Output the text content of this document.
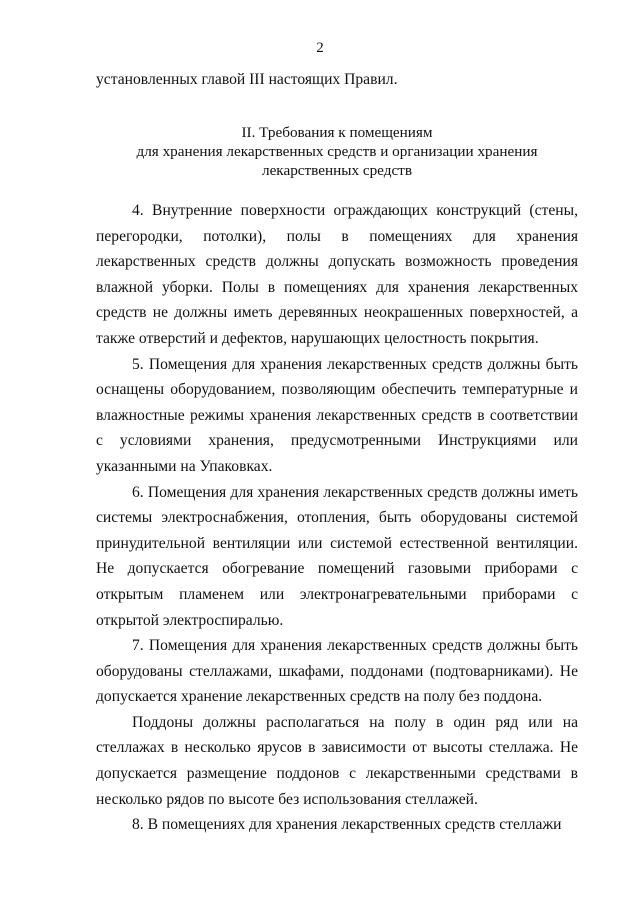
2
установленных главой III настоящих Правил.
II. Требования к помещениям
для хранения лекарственных средств и организации хранения
лекарственных средств

4. Внутренние поверхности ограждающих конструкций (стены, перегородки, потолки), полы в помещениях для хранения лекарственных средств должны допускать возможность проведения влажной уборки. Полы в помещениях для хранения лекарственных средств не должны иметь деревянных неокрашенных поверхностей, а также отверстий и дефектов, нарушающих целостность покрытия.

5. Помещения для хранения лекарственных средств должны быть оснащены оборудованием, позволяющим обеспечить температурные и влажностные режимы хранения лекарственных средств в соответствии с условиями хранения, предусмотренными Инструкциями или указанными на Упаковках.

6. Помещения для хранения лекарственных средств должны иметь системы электроснабжения, отопления, быть оборудованы системой принудительной вентиляции или системой естественной вентиляции. Не допускается обогревание помещений газовыми приборами с открытым пламенем или электронагревательными приборами с открытой электроспиралью.

7. Помещения для хранения лекарственных средств должны быть оборудованы стеллажами, шкафами, поддонами (подтоварниками). Не допускается хранение лекарственных средств на полу без поддона.

Поддоны должны располагаться на полу в один ряд или на стеллажах в несколько ярусов в зависимости от высоты стеллажа. Не допускается размещение поддонов с лекарственными средствами в несколько рядов по высоте без использования стеллажей.

8. В помещениях для хранения лекарственных средств стеллажи
